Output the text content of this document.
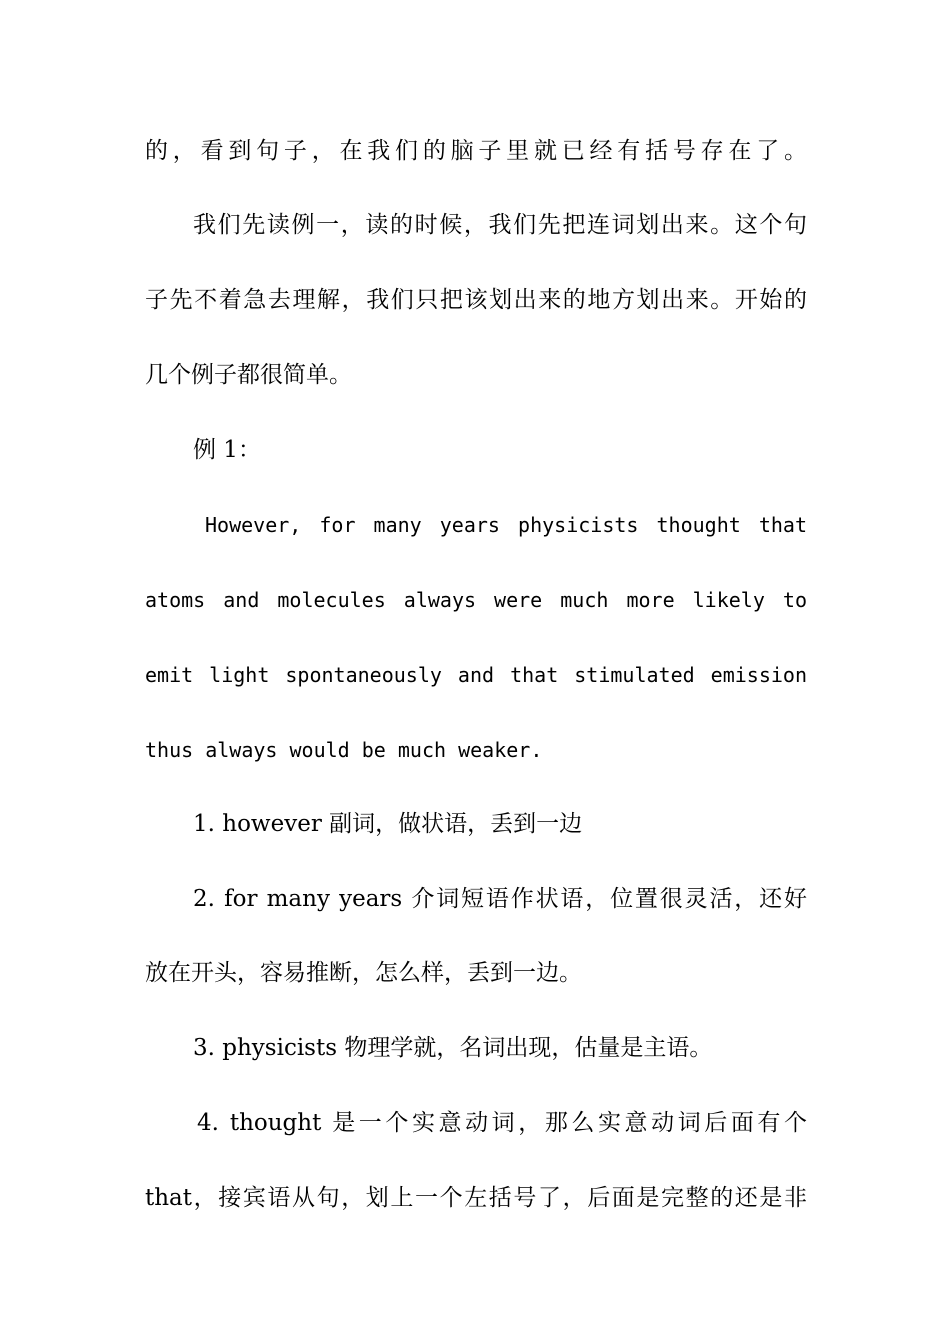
的，看到句子，在我们的脑子里就已经有括号存在了。
我们先读例一，读的时候，我们先把连词划出来。这个句
子先不着急去理解，我们只把该划出来的地方划出来。开始的
几个例子都很简单。
例 1：
However, for many years physicists thought that
atoms and molecules always were much more likely to
emit light spontaneously and that stimulated emission
thus always would be much weaker.
1. however 副词，做状语，丢到一边
2. for many years 介词短语作状语，位置很灵活，还好
放在开头，容易推断，怎么样，丢到一边。
3. physicists 物理学就，名词出现，估量是主语。
4. thought 是一个实意动词，那么实意动词后面有个
that，接宾语从句，划上一个左括号了，后面是完整的还是非
